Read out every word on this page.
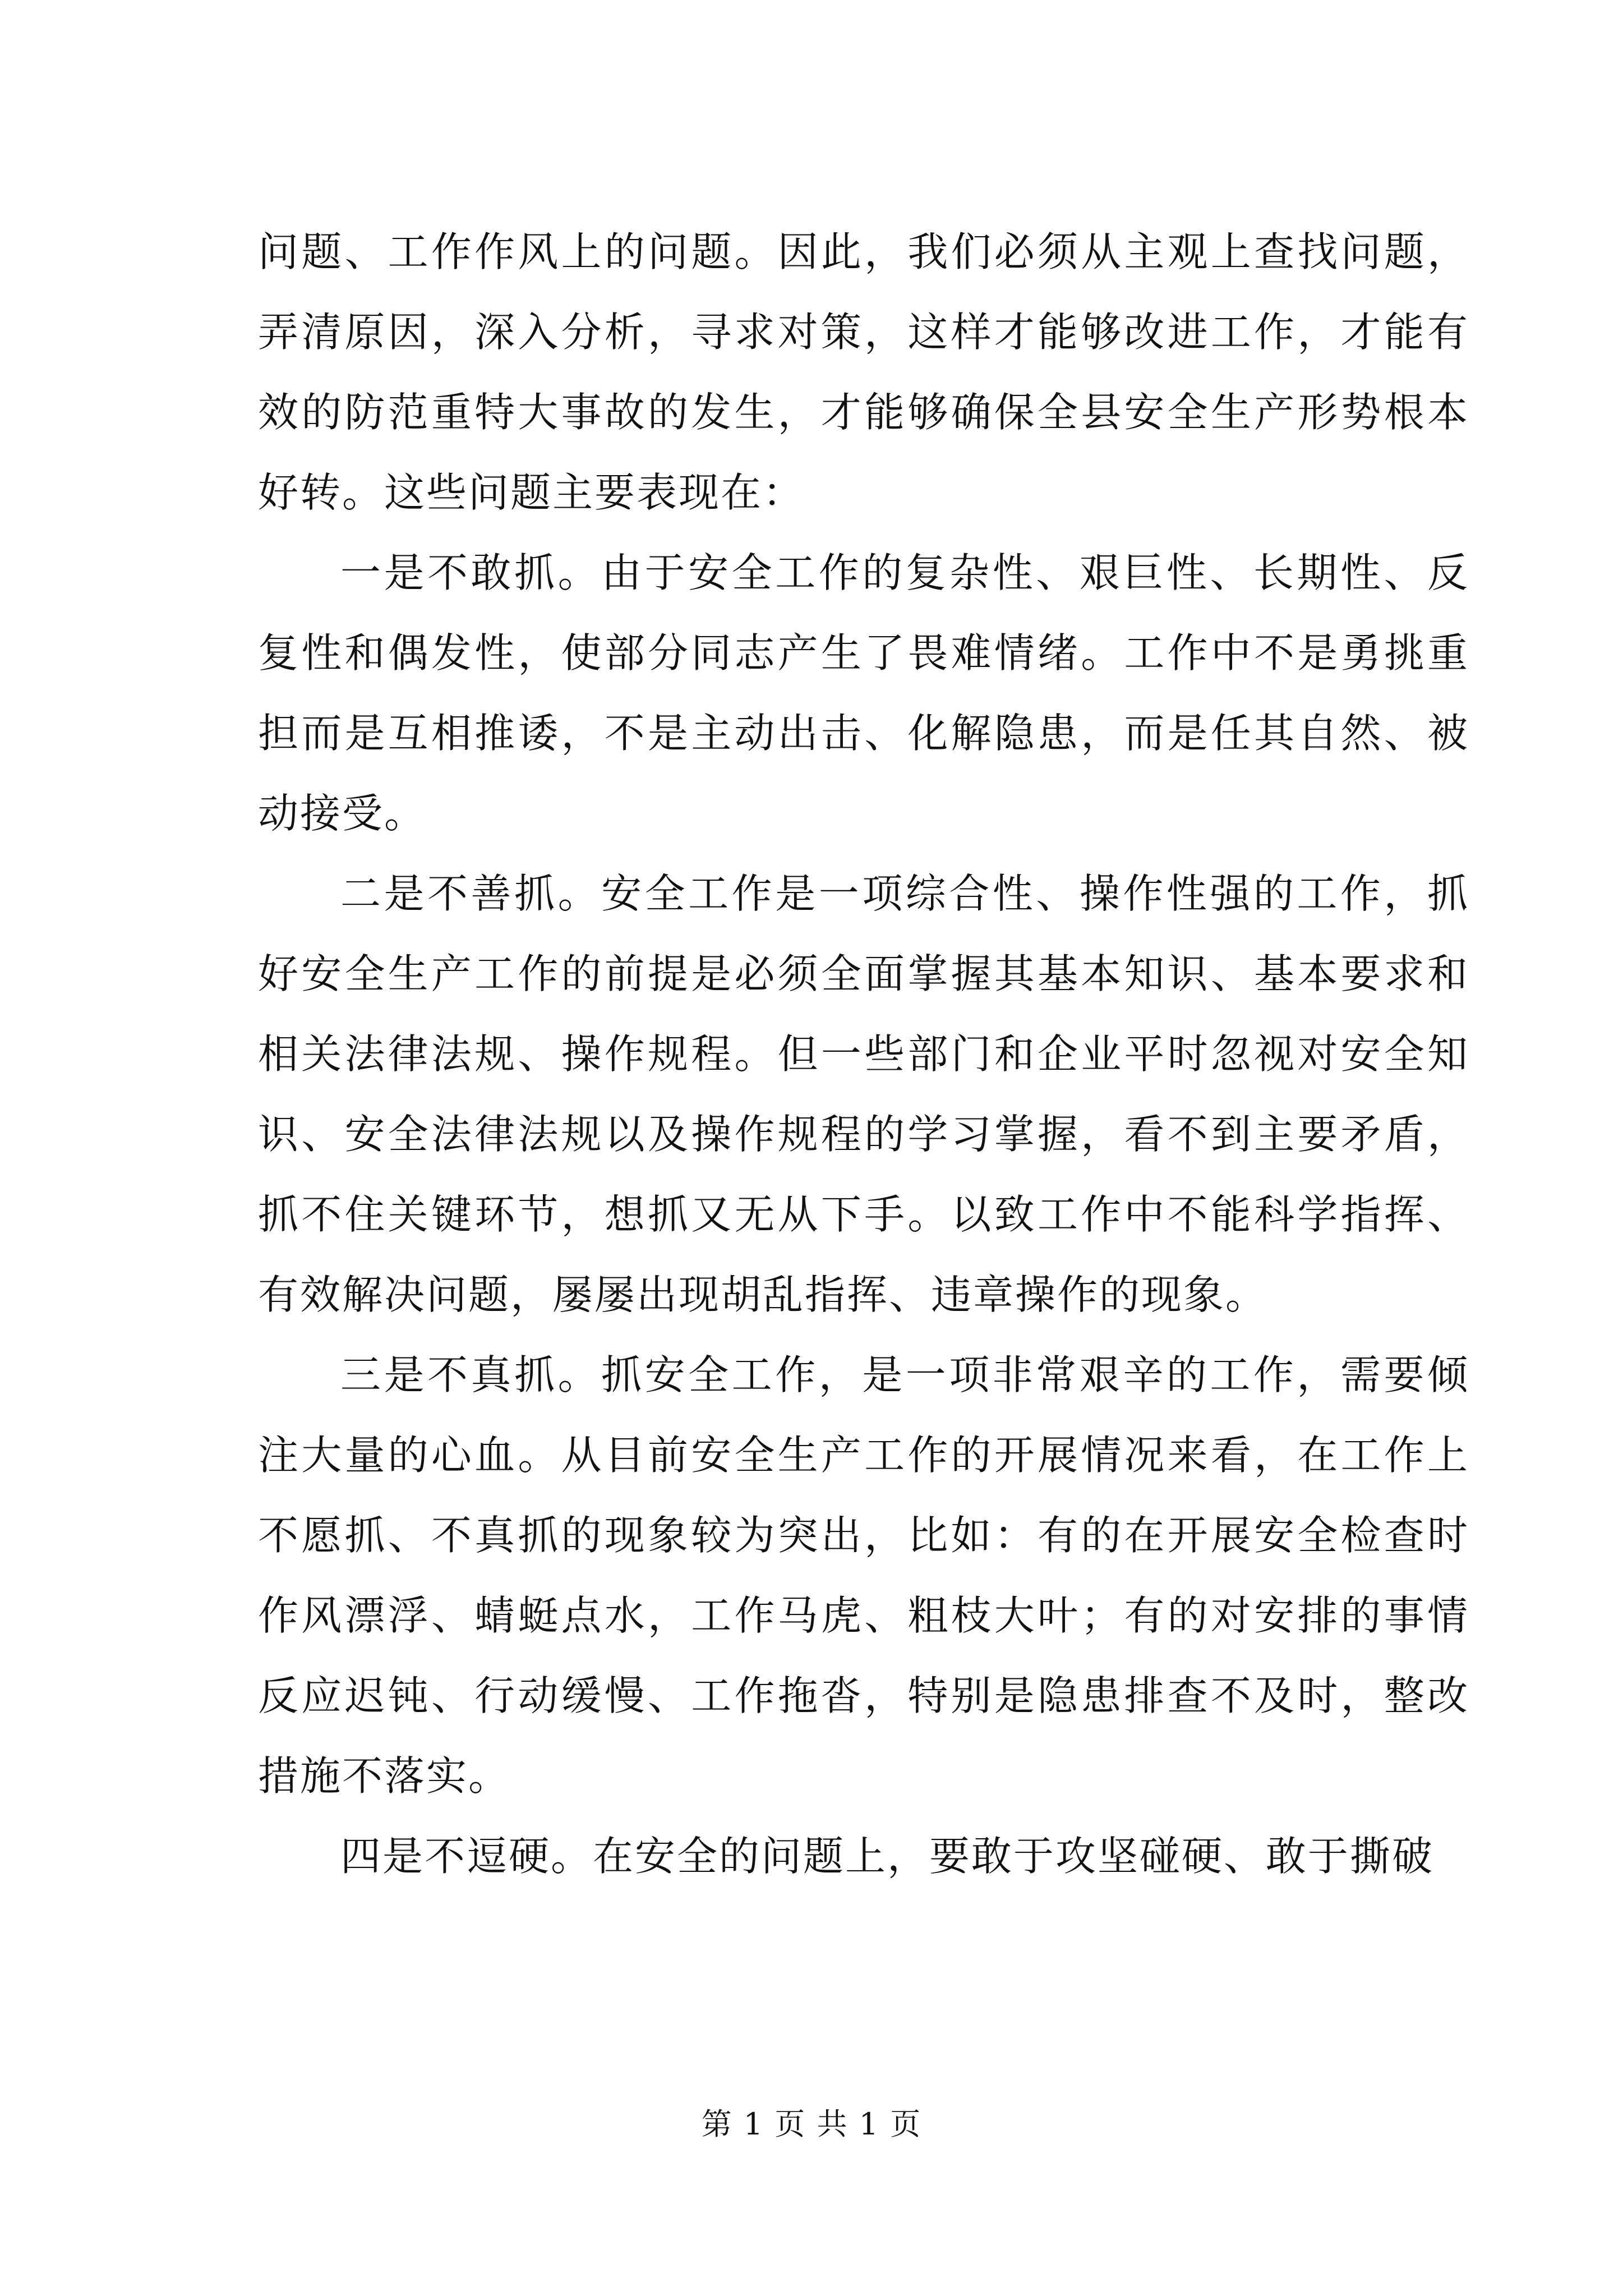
问题、工作作风上的问题。因此，我们必须从主观上查找问题，弄清原因，深入分析，寻求对策，这样才能够改进工作，才能有效的防范重特大事故的发生，才能够确保全县安全生产形势根本好转。这些问题主要表现在：

一是不敢抓。由于安全工作的复杂性、艰巨性、长期性、反复性和偶发性，使部分同志产生了畏难情绪。工作中不是勇挑重担而是互相推诿，不是主动出击、化解隐患，而是任其自然、被动接受。

二是不善抓。安全工作是一项综合性、操作性强的工作，抓好安全生产工作的前提是必须全面掌握其基本知识、基本要求和相关法律法规、操作规程。但一些部门和企业平时忽视对安全知识、安全法律法规以及操作规程的学习掌握，看不到主要矛盾，抓不住关键环节，想抓又无从下手。以致工作中不能科学指挥、有效解决问题，屡屡出现胡乱指挥、违章操作的现象。

三是不真抓。抓安全工作，是一项非常艰辛的工作，需要倾注大量的心血。从目前安全生产工作的开展情况来看，在工作上不愿抓、不真抓的现象较为突出，比如：有的在开展安全检查时作风漂浮、蜻蜓点水，工作马虎、粗枝大叶；有的对安排的事情反应迟钝、行动缓慢、工作拖沓，特别是隐患排查不及时，整改措施不落实。

四是不逗硬。在安全的问题上，要敢于攻坚碰硬、敢于撕破

第 1 页 共 1 页
